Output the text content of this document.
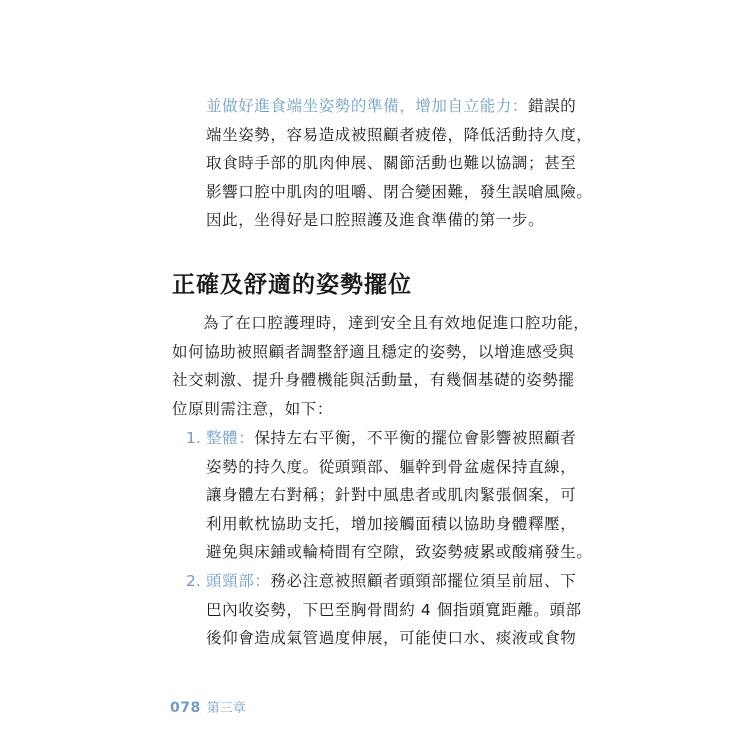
並做好進食端坐姿勢的準備，增加自立能力：錯誤的
端坐姿勢，容易造成被照顧者疲倦，降低活動持久度，
取食時手部的肌肉伸展、關節活動也難以協調；甚至
影響口腔中肌肉的咀嚼、閉合變困難，發生誤嗆風險。
因此，坐得好是口腔照護及進食準備的第一步。
正確及舒適的姿勢擺位
為了在口腔護理時，達到安全且有效地促進口腔功能，
如何協助被照顧者調整舒適且穩定的姿勢，以增進感受與
社交刺激、提升身體機能與活動量，有幾個基礎的姿勢擺
位原則需注意，如下：
1. 整體：保持左右平衡，不平衡的擺位會影響被照顧者
姿勢的持久度。從頭頸部、軀幹到骨盆處保持直線，
讓身體左右對稱；針對中風患者或肌肉緊張個案，可
利用軟枕協助支托，增加接觸面積以協助身體釋壓，
避免與床鋪或輪椅間有空隙，致姿勢疲累或酸痛發生。
2. 頭頸部：務必注意被照顧者頭頸部擺位須呈前屈、下
巴內收姿勢，下巴至胸骨間約 4 個指頭寬距離。頭部
後仰會造成氣管過度伸展，可能使口水、痰液或食物
078 第三章
